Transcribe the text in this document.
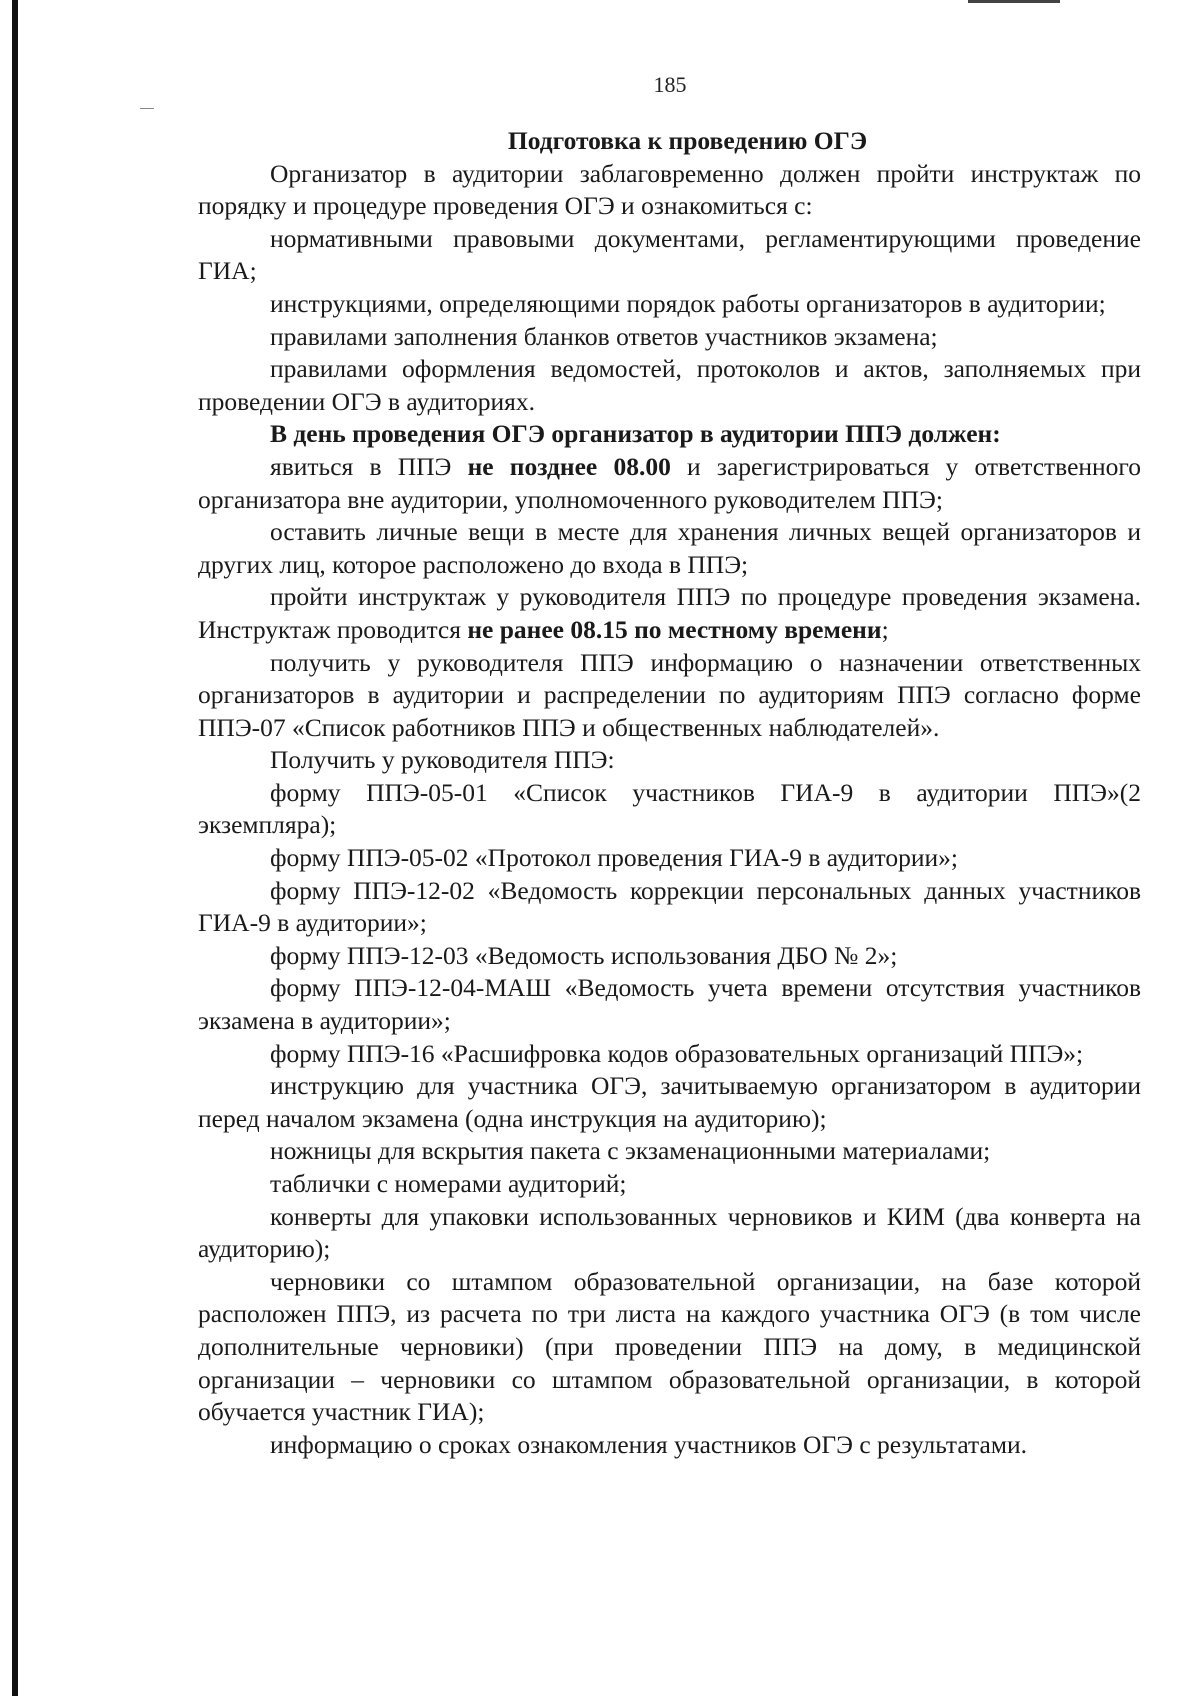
185

Подготовка к проведению ОГЭ

Организатор в аудитории заблаговременно должен пройти инструктаж по порядку и процедуре проведения ОГЭ и ознакомиться с:

нормативными правовыми документами, регламентирующими проведение ГИА;

инструкциями, определяющими порядок работы организаторов в аудитории;

правилами заполнения бланков ответов участников экзамена;

правилами оформления ведомостей, протоколов и актов, заполняемых при проведении ОГЭ в аудиториях.

В день проведения ОГЭ организатор в аудитории ППЭ должен:

явиться в ППЭ не позднее 08.00 и зарегистрироваться у ответственного организатора вне аудитории, уполномоченного руководителем ППЭ;

оставить личные вещи в месте для хранения личных вещей организаторов и других лиц, которое расположено до входа в ППЭ;

пройти инструктаж у руководителя ППЭ по процедуре проведения экзамена. Инструктаж проводится не ранее 08.15 по местному времени;

получить у руководителя ППЭ информацию о назначении ответственных организаторов в аудитории и распределении по аудиториям ППЭ согласно форме ППЭ-07 «Список работников ППЭ и общественных наблюдателей».

Получить у руководителя ППЭ:

форму ППЭ-05-01 «Список участников ГИА-9 в аудитории ППЭ»(2 экземпляра);

форму ППЭ-05-02 «Протокол проведения ГИА-9 в аудитории»;

форму ППЭ-12-02 «Ведомость коррекции персональных данных участников ГИА-9 в аудитории»;

форму ППЭ-12-03 «Ведомость использования ДБО № 2»;

форму ППЭ-12-04-МАШ «Ведомость учета времени отсутствия участников экзамена в аудитории»;

форму ППЭ-16 «Расшифровка кодов образовательных организаций ППЭ»;

инструкцию для участника ОГЭ, зачитываемую организатором в аудитории перед началом экзамена (одна инструкция на аудиторию);

ножницы для вскрытия пакета с экзаменационными материалами;

таблички с номерами аудиторий;

конверты для упаковки использованных черновиков и КИМ (два конверта на аудиторию);

черновики со штампом образовательной организации, на базе которой расположен ППЭ, из расчета по три листа на каждого участника ОГЭ (в том числе дополнительные черновики) (при проведении ППЭ на дому, в медицинской организации – черновики со штампом образовательной организации, в которой обучается участник ГИА);

информацию о сроках ознакомления участников ОГЭ с результатами.
